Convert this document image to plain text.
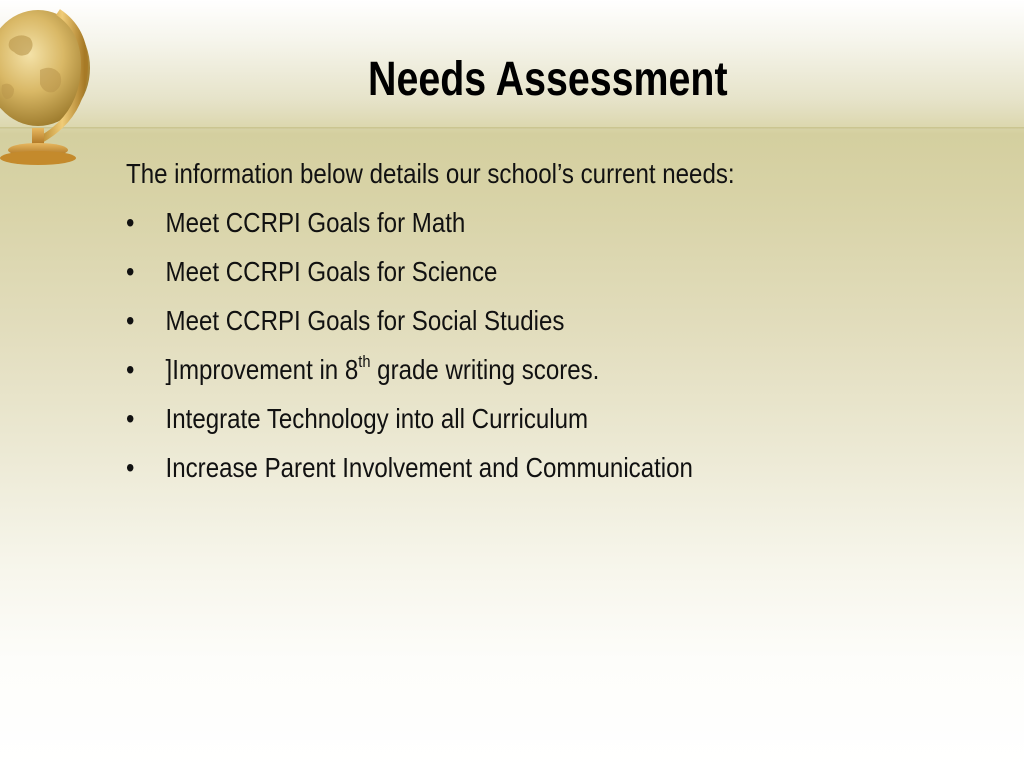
Needs Assessment
The information below details our school’s current needs:
• Meet CCRPI Goals for Math
• Meet CCRPI Goals for Science
• Meet CCRPI Goals for Social Studies
• ]Improvement in 8th grade writing scores.
• Integrate Technology into all Curriculum
• Increase Parent Involvement and Communication
